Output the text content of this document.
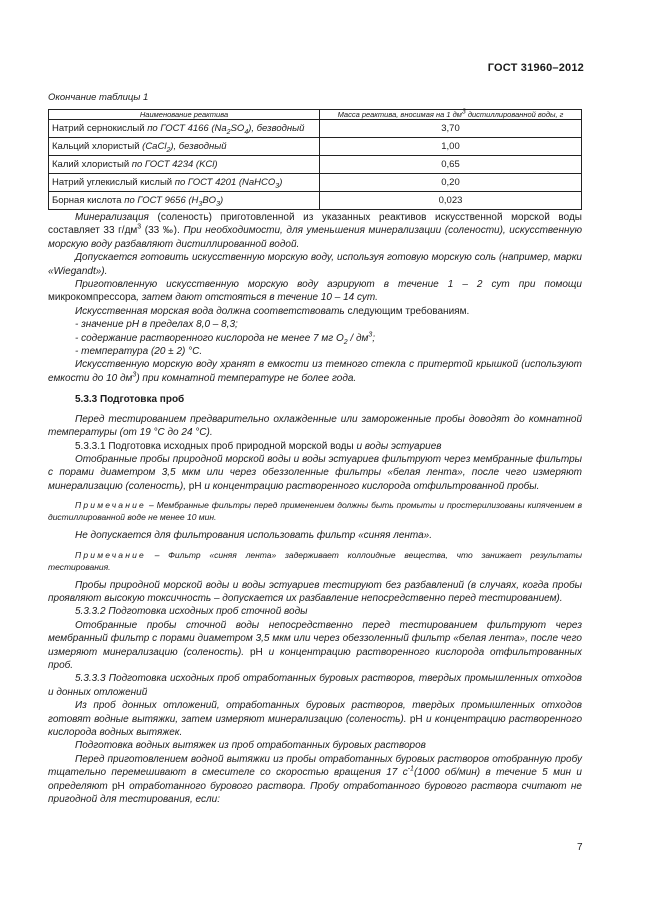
ГОСТ 31960–2012
Окончание таблицы 1
Наименование реактива	Масса реактива, вносимая на 1 $дм^3$ дистиллированной воды, г
Натрий сернокислый по ГОСТ 4166 $(Na_2SO_4)$, безводный	3,70
Кальций хлористый (CaCl$_2$), безводный	1,00
Калий хлористый по ГОСТ 4234 (KCl)	0,65
Натрий углекислый кислый по ГОСТ 4201 (NaHCO$_3$)	0,20
Борная кислота по ГОСТ 9656 $(H_3BO_3)$	0,023

Минерализация (соленость) приготовленной из указанных реактивов искусственной морской воды составляет 33 $г/дм^3$ (33 ‰). При необходимости, для уменьшения минерализации (солености), искусственную морскую воду разбавляют дистиллированной водой.

Допускается готовить искусственную морскую воду, используя готовую морскую соль (например, марки «Wiegandt»).

Приготовленную искусственную морскую воду аэрируют в течение 1 – 2 сут при помощи микрокомпрессора, затем дают отстояться в течение 10 – 14 сут.

Искусственная морская вода должна соответствовать следующим требованиям.

- значение pH в пределах 8,0 – 8,3;

- содержание растворенного кислорода не менее 7 мг $O_2 / дм^3$;

- температура (20 ± 2) °С.

Искусственную морскую воду хранят в емкости из темного стекла с притертой крышкой (используют емкости до 10 $дм^3$) при комнатной температуре не более года.

5.3.3 Подготовка проб

Перед тестированием предварительно охлажденные или замороженные пробы доводят до комнатной температуры (от 19 °С до 24 °С).

5.3.3.1 Подготовка исходных проб природной морской воды и воды эстуариев

Отобранные пробы природной морской воды и воды эстуариев фильтруют через мембранные фильтры с порами диаметром 3,5 мкм или через обеззоленные фильтры «белая лента», после чего измеряют минерализацию (соленость), pH и концентрацию растворенного кислорода отфильтрованной пробы.

Примечание – Мембранные фильтры перед применением должны быть промыты и простерилизованы кипячением в дистиллированной воде не менее 10 мин.

Не допускается для фильтрования использовать фильтр «синяя лента».

Примечание – Фильтр «синяя лента» задерживает коллоидные вещества, что занижает результаты тестирования.

Пробы природной морской воды и воды эстуариев тестируют без разбавлений (в случаях, когда пробы проявляют высокую токсичность – допускается их разбавление непосредственно перед тестированием).

5.3.3.2 Подготовка исходных проб сточной воды

Отобранные пробы сточной воды непосредственно перед тестированием фильтруют через мембранный фильтр с порами диаметром 3,5 мкм или через обеззоленный фильтр «белая лента», после чего измеряют минерализацию (соленость). pH и концентрацию растворенного кислорода отфильтрованных проб.

5.3.3.3 Подготовка исходных проб отработанных буровых растворов, твердых промышленных отходов и донных отложений

Из проб донных отложений, отработанных буровых растворов, твердых промышленных отходов готовят водные вытяжки, затем измеряют минерализацию (соленость). pH и концентрацию растворенного кислорода водных вытяжек.

Подготовка водных вытяжек из проб отработанных буровых растворов

Перед приготовлением водной вытяжки из пробы отработанных буровых растворов отобранную пробу тщательно перемешивают в смесителе со скоростью вращения 17 $с^{-1}(1000$ об/мин) в течение 5 мин и определяют pH отработанного бурового раствора. Пробу отработанного бурового раствора считают не пригодной для тестирования, если:

7
